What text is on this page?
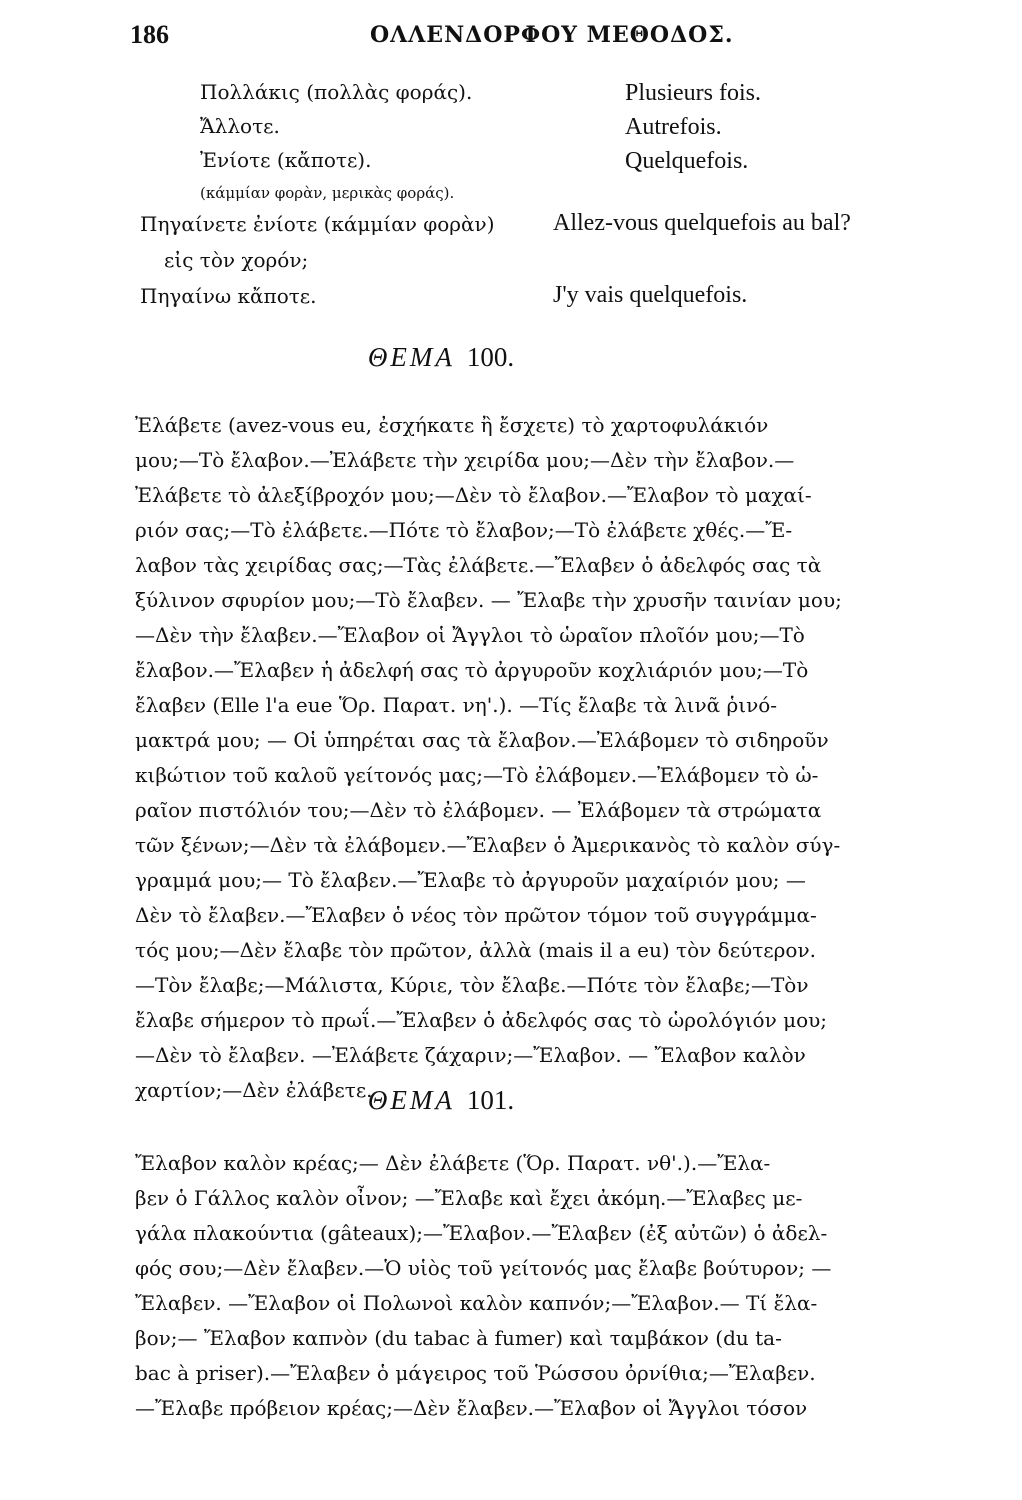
186	ΟΛΛΕΝΔΟΡΦΟΥ ΜΕΘΟΔΟΣ.
Πολλάκις (πολλὰς φοράς).	Plusieurs fois.
Ἄλλοτε.	Autrefois.
Ἐνίοτε (κἄποτε).	Quelquefois.
(κάμμίαν φορὰν, μερικὰς φοράς).
Πηγαίνετε ἐνίοτε (κάμμίαν φορὰν) Allez-vous quelquefois au bal?
εἰς τὸν χορόν;
Πηγαίνω κἄποτε.	J'y vais quelquefois.
ΘΕΜΑ 100.
Ἐλάβετε (avez-vous eu, ἐσχήκατε ἢ ἔσχετε) τὸ χαρτοφυλάκιόν
μου;—Τὸ ἔλαβον.—Ἐλάβετε τὴν χειρίδα μου;—Δὲν τὴν ἔλαβον.—
Ἐλάβετε τὸ ἀλεξίβροχόν μου;—Δὲν τὸ ἔλαβον.—Ἔλαβον τὸ μαχαί-
ριόν σας;—Τὸ ἐλάβετε.—Πότε τὸ ἔλαβον;—Τὸ ἐλάβετε χθές.—Ἔ-
λαβον τὰς χειρίδας σας;—Τὰς ἐλάβετε.—Ἔλαβεν ὁ ἀδελφός σας τὰ
ξύλινον σφυρίον μου;—Τὸ ἔλαβεν. — Ἔλαβε τὴν χρυσῆν ταινίαν μου;
—Δὲν τὴν ἔλαβεν.—Ἔλαβον οἱ Ἄγγλοι τὸ ὡραῖον πλοῖόν μου;—Τὸ
ἔλαβον.—Ἔλαβεν ἡ ἀδελφή σας τὸ ἀργυροῦν κοχλιάριόν μου;—Τὸ
ἔλαβεν (Elle l'a eue Ὅρ. Παρατ. νη'.). —Τίς ἔλαβε τὰ λινᾶ ῥινό-
μακτρά μου; — Οἱ ὑπηρέται σας τὰ ἔλαβον.—Ἐλάβομεν τὸ σιδηροῦν
κιβώτιον τοῦ καλοῦ γείτονός μας;—Τὸ ἐλάβομεν.—Ἐλάβομεν τὸ ὡ-
ραῖον πιστόλιόν του;—Δὲν τὸ ἐλάβομεν. — Ἐλάβομεν τὰ στρώματα
τῶν ξένων;—Δὲν τὰ ἐλάβομεν.—Ἔλαβεν ὁ Ἀμερικανὸς τὸ καλὸν σύγ-
γραμμά μου;— Τὸ ἔλαβεν.—Ἔλαβε τὸ ἀργυροῦν μαχαίριόν μου; —
Δὲν τὸ ἔλαβεν.—Ἔλαβεν ὁ νέος τὸν πρῶτον τόμον τοῦ συγγράμμα-
τός μου;—Δὲν ἔλαβε τὸν πρῶτον, ἀλλὰ (mais il a eu) τὸν δεύτερον.
—Τὸν ἔλαβε;—Μάλιστα, Κύριε, τὸν ἔλαβε.—Πότε τὸν ἔλαβε;—Τὸν
ἔλαβε σήμερον τὸ πρωΐ.—Ἔλαβεν ὁ ἀδελφός σας τὸ ὡρολόγιόν μου;
—Δὲν τὸ ἔλαβεν. —Ἐλάβετε ζάχαριν;—Ἔλαβον. — Ἔλαβον καλὸν
χαρτίον;—Δὲν ἐλάβετε.
ΘΕΜΑ 101.
Ἔλαβον καλὸν κρέας;— Δὲν ἐλάβετε (Ὅρ. Παρατ. νθ'.).—Ἔλα-
βεν ὁ Γάλλος καλὸν οἶνον; —Ἔλαβε καὶ ἔχει ἀκόμη.—Ἔλαβες με-
γάλα πλακούντια (gâteaux);—Ἔλαβον.—Ἔλαβεν (ἐξ αὐτῶν) ὁ ἀδελ-
φός σου;—Δὲν ἔλαβεν.—Ὁ υἱὸς τοῦ γείτονός μας ἔλαβε βούτυρον; —
Ἔλαβεν. —Ἔλαβον οἱ Πολωνοὶ καλὸν καπνόν;—Ἔλαβον.— Τί ἔλα-
βον;— Ἔλαβον καπνὸν (du tabac à fumer) καὶ ταμβάκον (du ta-
bac à priser).—Ἔλαβεν ὁ μάγειρος τοῦ Ῥώσσου ὀρνίθια;—Ἔλαβεν.
—Ἔλαβε πρόβειον κρέας;—Δὲν ἔλαβεν.—Ἔλαβον οἱ Ἄγγλοι τόσον
